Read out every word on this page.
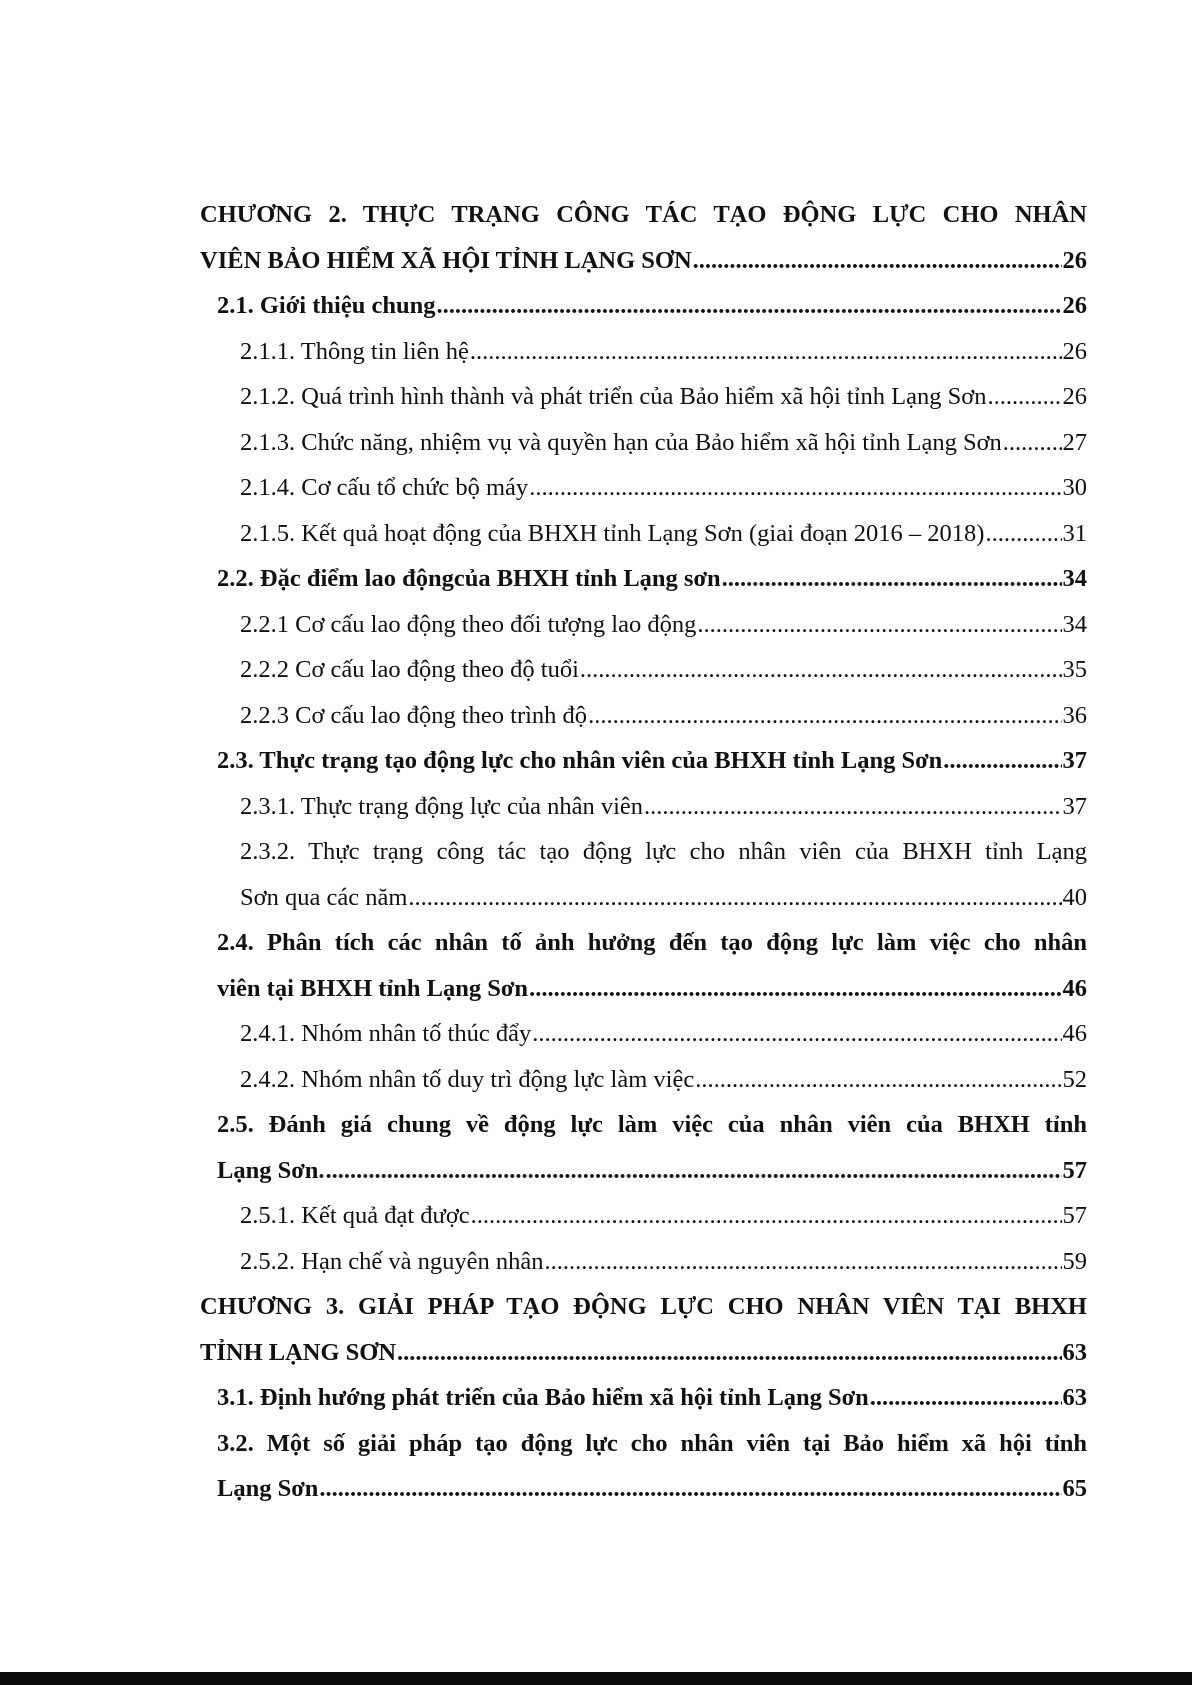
CHƯƠNG 2. THỰC TRẠNG CÔNG TÁC TẠO ĐỘNG LỰC CHO NHÂN
VIÊN BẢO HIỂM XÃ HỘI TỈNH LẠNG SƠN .....	26
2.1. Giới thiệu chung .....	26
2.1.1. Thông tin liên hệ .....	26
2.1.2. Quá trình hình thành và phát triển của Bảo hiểm xã hội tỉnh Lạng Sơn .....	26
2.1.3. Chức năng, nhiệm vụ và quyền hạn của Bảo hiểm xã hội tỉnh Lạng Sơn ..... 27
2.1.4. Cơ cấu tổ chức bộ máy .....	30
2.1.5. Kết quả hoạt động của BHXH tỉnh Lạng Sơn (giai đoạn 2016 – 2018) .....	31
2.2. Đặc điểm lao độngcủa BHXH tỉnh Lạng sơn .....	34
2.2.1 Cơ cấu lao động theo đối tượng lao động .....	34
2.2.2 Cơ cấu lao động theo độ tuổi .....	35
2.2.3 Cơ cấu lao động theo trình độ .....	36
2.3. Thực trạng tạo động lực cho nhân viên của BHXH tỉnh Lạng Sơn .....	37
2.3.1. Thực trạng động lực của nhân viên .....	37
2.3.2. Thực trạng công tác tạo động lực cho nhân viên của BHXH tỉnh Lạng
Sơn qua các năm .....	40
2.4. Phân tích các nhân tố ảnh hưởng đến tạo động lực làm việc cho nhân
viên tại BHXH tỉnh Lạng Sơn .....	46
2.4.1. Nhóm nhân tố thúc đẩy .....	46
2.4.2. Nhóm nhân tố duy trì động lực làm việc .....	52
2.5. Đánh giá chung về động lực làm việc của nhân viên của BHXH tỉnh
Lạng Sơn. .....	57
2.5.1. Kết quả đạt được .....	57
2.5.2. Hạn chế và nguyên nhân .....	59
CHƯƠNG 3. GIẢI PHÁP TẠO ĐỘNG LỰC CHO NHÂN VIÊN TẠI BHXH
TỈNH LẠNG SƠN .....	63
3.1. Định hướng phát triển của Bảo hiểm xã hội tỉnh Lạng Sơn .....	63
3.2. Một số giải pháp tạo động lực cho nhân viên tại Bảo hiểm xã hội tỉnh
Lạng Sơn .....	65
